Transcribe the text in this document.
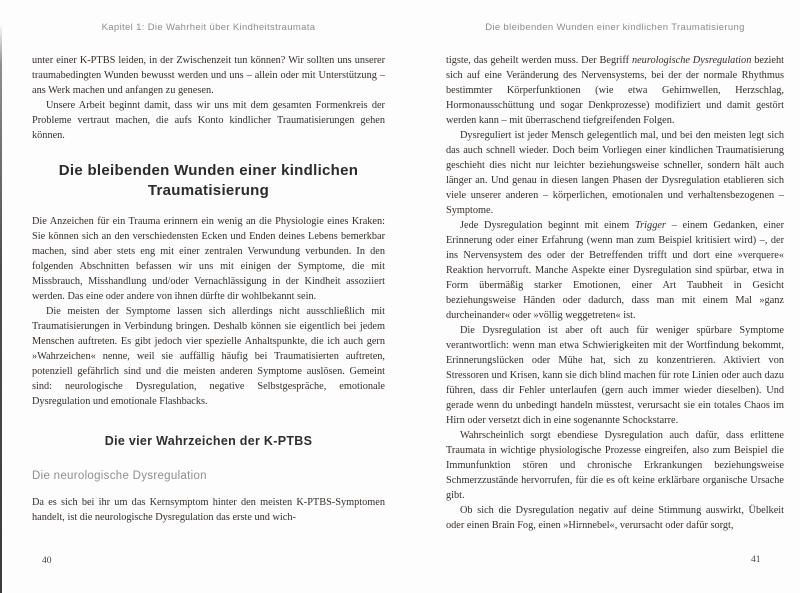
Kapitel 1: Die Wahrheit über Kindheitstraumata

unter einer K-PTBS leiden, in der Zwischenzeit tun können? Wir sollten uns unserer traumabedingten Wunden bewusst werden und uns – allein oder mit Unterstützung – ans Werk machen und anfangen zu genesen.

Unsere Arbeit beginnt damit, dass wir uns mit dem gesamten Formenkreis der Probleme vertraut machen, die aufs Konto kindlicher Traumatisierungen gehen können.

Die bleibenden Wunden einer kindlichen Traumatisierung

Die Anzeichen für ein Trauma erinnern ein wenig an die Physiologie eines Kraken: Sie können sich an den verschiedensten Ecken und Enden deines Lebens bemerkbar machen, sind aber stets eng mit einer zentralen Verwundung verbunden. In den folgenden Abschnitten befassen wir uns mit einigen der Symptome, die mit Missbrauch, Misshandlung und/oder Vernachlässigung in der Kindheit assoziiert werden. Das eine oder andere von ihnen dürfte dir wohlbekannt sein.

Die meisten der Symptome lassen sich allerdings nicht ausschließlich mit Traumatisierungen in Verbindung bringen. Deshalb können sie eigentlich bei jedem Menschen auftreten. Es gibt jedoch vier spezielle Anhaltspunkte, die ich auch gern »Wahrzeichen« nenne, weil sie auffällig häufig bei Traumatisierten auftreten, potenziell gefährlich sind und die meisten anderen Symptome auslösen. Gemeint sind: neurologische Dysregulation, negative Selbstgespräche, emotionale Dysregulation und emotionale Flashbacks.

Die vier Wahrzeichen der K-PTBS
Die neurologische Dysregulation

Da es sich bei ihr um das Kernsymptom hinter den meisten K-PTBS-Symptomen handelt, ist die neurologische Dysregulation das erste und wich-

Die bleibenden Wunden einer kindlichen Traumatisierung

tigste, das geheilt werden muss. Der Begriff neurologische Dysregulation bezieht sich auf eine Veränderung des Nervensystems, bei der der normale Rhythmus bestimmter Körperfunktionen (wie etwa Gehirnwellen, Herzschlag, Hormonausschüttung und sogar Denkprozesse) modifiziert und damit gestört werden kann – mit überraschend tiefgreifenden Folgen.

Dysreguliert ist jeder Mensch gelegentlich mal, und bei den meisten legt sich das auch schnell wieder. Doch beim Vorliegen einer kindlichen Traumatisierung geschieht dies nicht nur leichter beziehungsweise schneller, sondern hält auch länger an. Und genau in diesen langen Phasen der Dysregulation etablieren sich viele unserer anderen – körperlichen, emotionalen und verhaltensbezogenen – Symptome.

Jede Dysregulation beginnt mit einem Trigger – einem Gedanken, einer Erinnerung oder einer Erfahrung (wenn man zum Beispiel kritisiert wird) –, der ins Nervensystem des oder der Betreffenden trifft und dort eine »verquere« Reaktion hervorruft. Manche Aspekte einer Dysregulation sind spürbar, etwa in Form übermäßig starker Emotionen, einer Art Taubheit in Gesicht beziehungsweise Händen oder dadurch, dass man mit einem Mal »ganz durcheinander« oder »völlig weggetreten« ist.

Die Dysregulation ist aber oft auch für weniger spürbare Symptome verantwortlich: wenn man etwa Schwierigkeiten mit der Wortfindung bekommt, Erinnerungslücken oder Mühe hat, sich zu konzentrieren. Aktiviert von Stressoren und Krisen, kann sie dich blind machen für rote Linien oder auch dazu führen, dass dir Fehler unterlaufen (gern auch immer wieder dieselben). Und gerade wenn du unbedingt handeln müsstest, verursacht sie ein totales Chaos im Hirn oder versetzt dich in eine sogenannte Schockstarre.

Wahrscheinlich sorgt ebendiese Dysregulation auch dafür, dass erlittene Traumata in wichtige physiologische Prozesse eingreifen, also zum Beispiel die Immunfunktion stören und chronische Erkrankungen beziehungsweise Schmerzzustände hervorrufen, für die es oft keine erklärbare organische Ursache gibt.

Ob sich die Dysregulation negativ auf deine Stimmung auswirkt, Übelkeit oder einen Brain Fog, einen »Hirnnebel«, verursacht oder dafür sorgt,

40	41
